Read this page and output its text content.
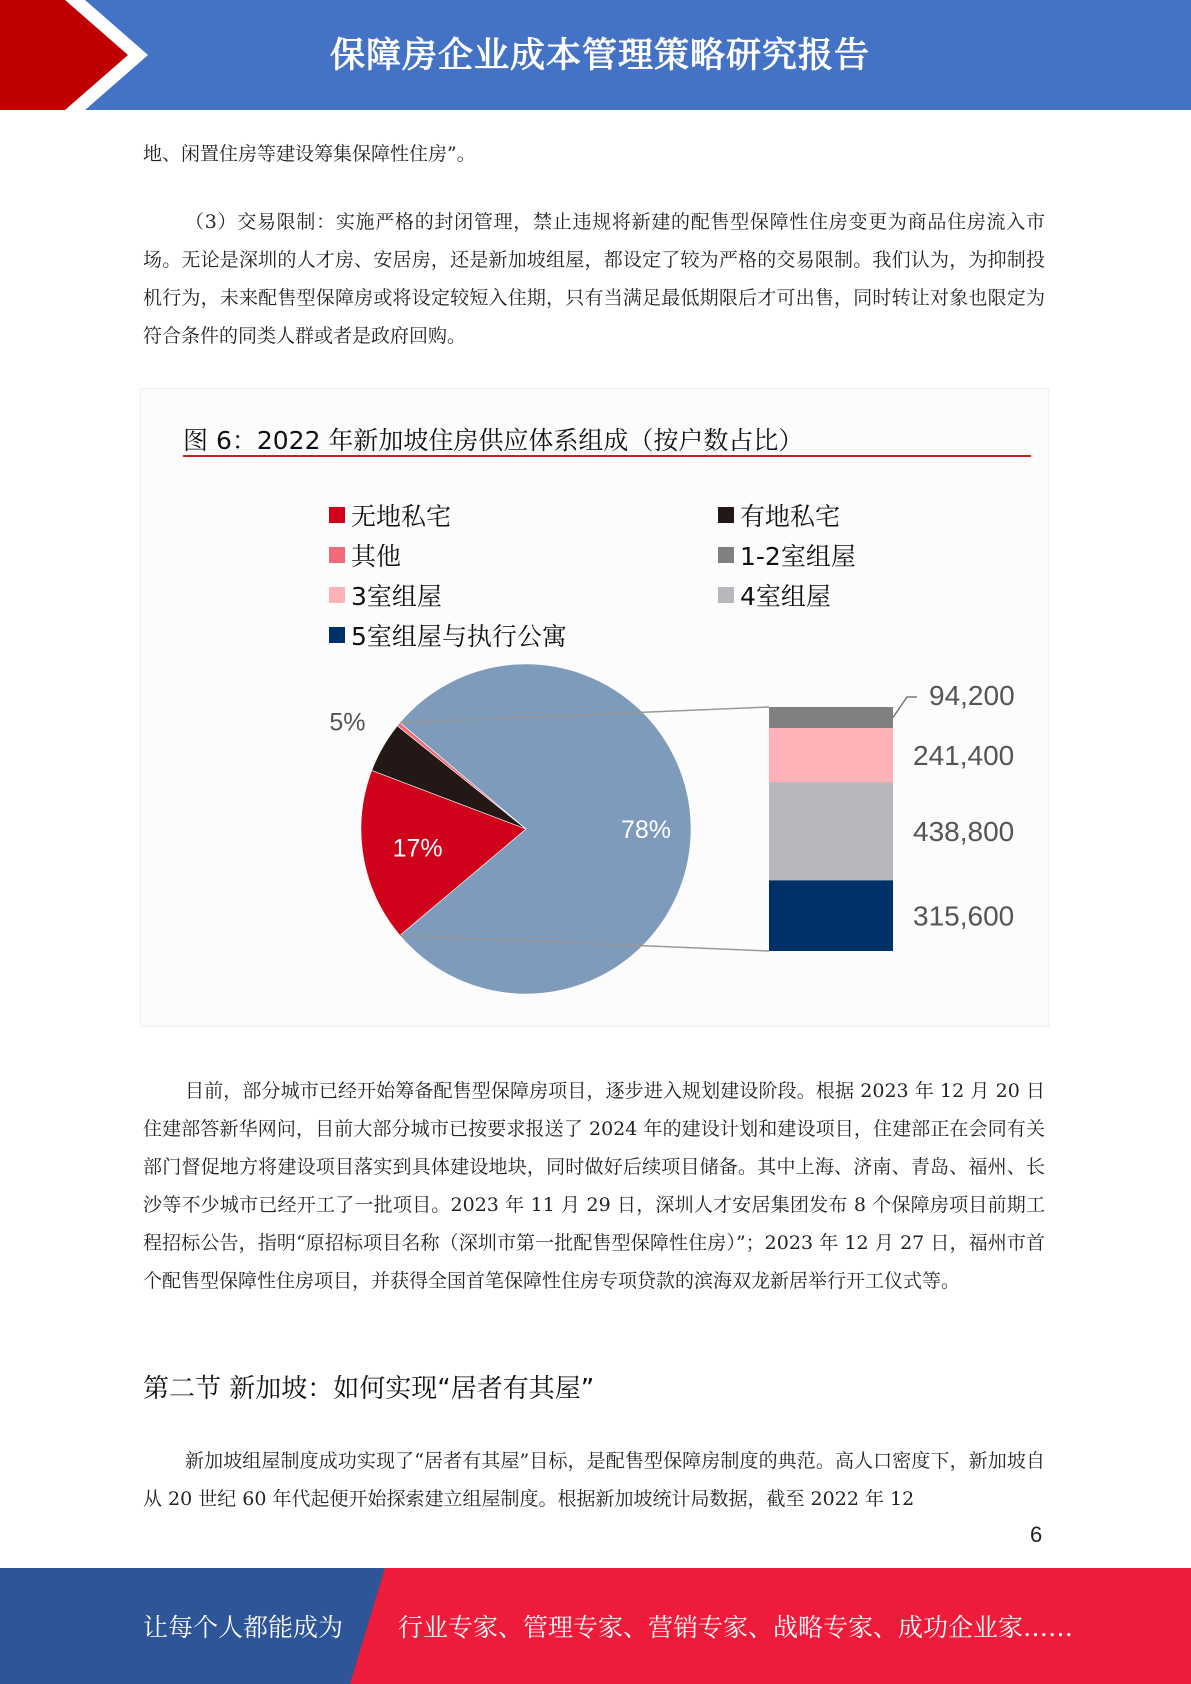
保障房企业成本管理策略研究报告

地、闲置住房等建设筹集保障性住房”。

（3）交易限制：实施严格的封闭管理，禁止违规将新建的配售型保障性住房变更为商品住房流入市场。无论是深圳的人才房、安居房，还是新加坡组屋，都设定了较为严格的交易限制。我们认为，为抑制投机行为，未来配售型保障房或将设定较短入住期，只有当满足最低期限后才可出售，同时转让对象也限定为符合条件的同类人群或者是政府回购。

图 6：2022 年新加坡住房供应体系组成（按户数占比）
无地私宅	有地私宅
其他	1-2室组屋
3室组屋	4室组屋
5室组屋与执行公寓
78%
17%
5%
94,200
241,400
438,800
315,600

目前，部分城市已经开始筹备配售型保障房项目，逐步进入规划建设阶段。根据 2023 年 12 月 20 日住建部答新华网问，目前大部分城市已按要求报送了 2024 年的建设计划和建设项目，住建部正在会同有关部门督促地方将建设项目落实到具体建设地块，同时做好后续项目储备。其中上海、济南、青岛、福州、长沙等不少城市已经开工了一批项目。2023 年 11 月 29 日，深圳人才安居集团发布 8 个保障房项目前期工程招标公告，指明“原招标项目名称（深圳市第一批配售型保障性住房）”；2023 年 12 月 27 日，福州市首个配售型保障性住房项目，并获得全国首笔保障性住房专项贷款的滨海双龙新居举行开工仪式等。

第二节 新加坡：如何实现“居者有其屋”

新加坡组屋制度成功实现了“居者有其屋”目标，是配售型保障房制度的典范。高人口密度下，新加坡自从 20 世纪 60 年代起便开始探索建立组屋制度。根据新加坡统计局数据，截至 2022 年 12

6
让每个人都能成为 行业专家、管理专家、营销专家、战略专家、成功企业家……
